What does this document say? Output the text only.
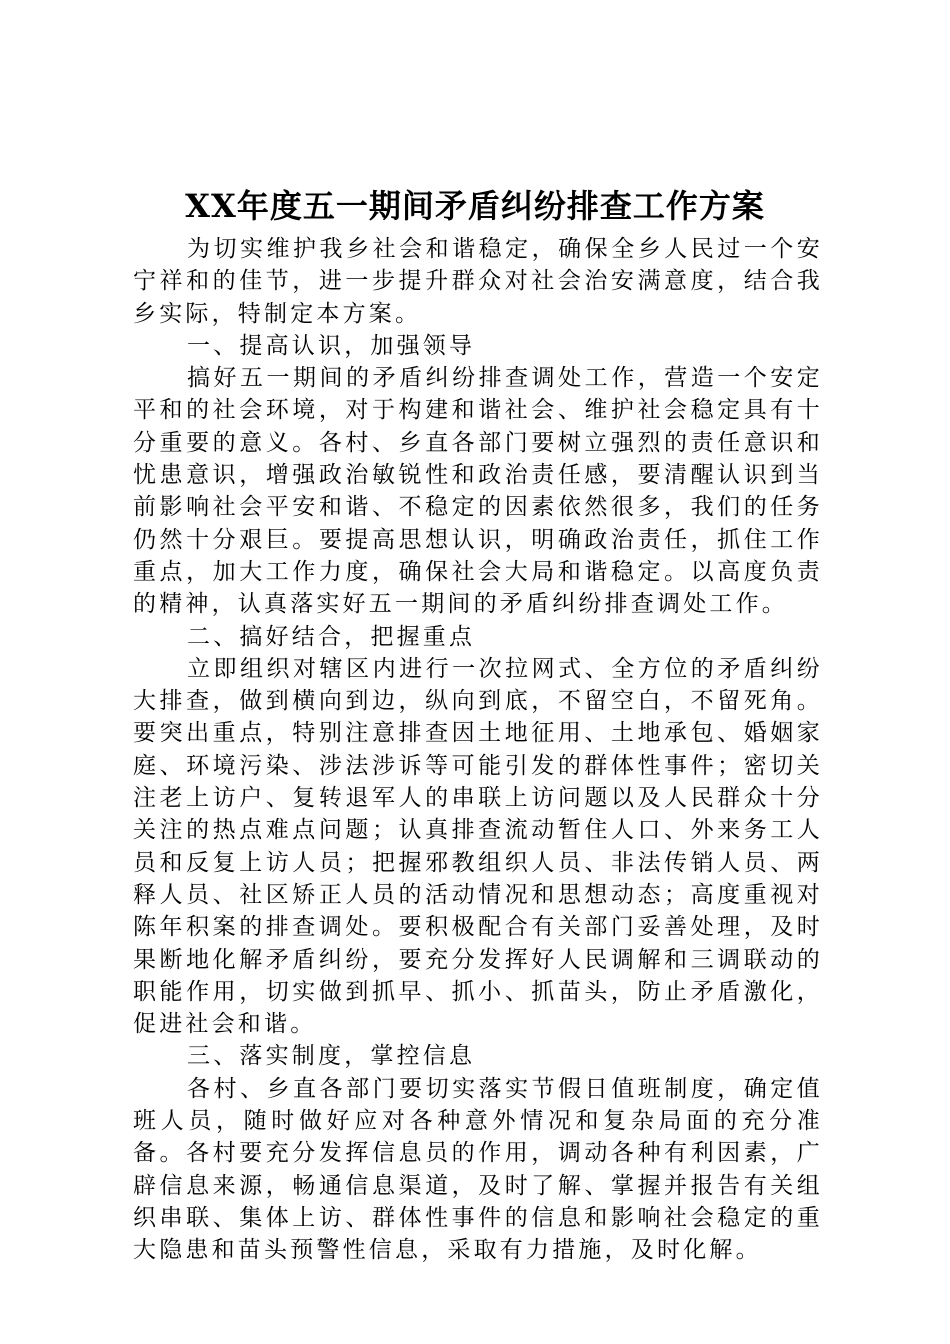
XX年度五一期间矛盾纠纷排查工作方案

为切实维护我乡社会和谐稳定，确保全乡人民过一个安宁祥和的佳节，进一步提升群众对社会治安满意度，结合我乡实际，特制定本方案。

一、提高认识，加强领导

搞好五一期间的矛盾纠纷排查调处工作，营造一个安定平和的社会环境，对于构建和谐社会、维护社会稳定具有十分重要的意义。各村、乡直各部门要树立强烈的责任意识和忧患意识，增强政治敏锐性和政治责任感，要清醒认识到当前影响社会平安和谐、不稳定的因素依然很多，我们的任务仍然十分艰巨。要提高思想认识，明确政治责任，抓住工作重点，加大工作力度，确保社会大局和谐稳定。以高度负责的精神，认真落实好五一期间的矛盾纠纷排查调处工作。

二、搞好结合，把握重点

立即组织对辖区内进行一次拉网式、全方位的矛盾纠纷大排查，做到横向到边，纵向到底，不留空白，不留死角。要突出重点，特别注意排查因土地征用、土地承包、婚姻家庭、环境污染、涉法涉诉等可能引发的群体性事件；密切关注老上访户、复转退军人的串联上访问题以及人民群众十分关注的热点难点问题；认真排查流动暂住人口、外来务工人员和反复上访人员；把握邪教组织人员、非法传销人员、两释人员、社区矫正人员的活动情况和思想动态；高度重视对陈年积案的排查调处。要积极配合有关部门妥善处理，及时果断地化解矛盾纠纷，要充分发挥好人民调解和三调联动的职能作用，切实做到抓早、抓小、抓苗头，防止矛盾激化，促进社会和谐。

三、落实制度，掌控信息

各村、乡直各部门要切实落实节假日值班制度，确定值班人员，随时做好应对各种意外情况和复杂局面的充分准备。各村要充分发挥信息员的作用，调动各种有利因素，广辟信息来源，畅通信息渠道，及时了解、掌握并报告有关组织串联、集体上访、群体性事件的信息和影响社会稳定的重大隐患和苗头预警性信息，采取有力措施，及时化解。
